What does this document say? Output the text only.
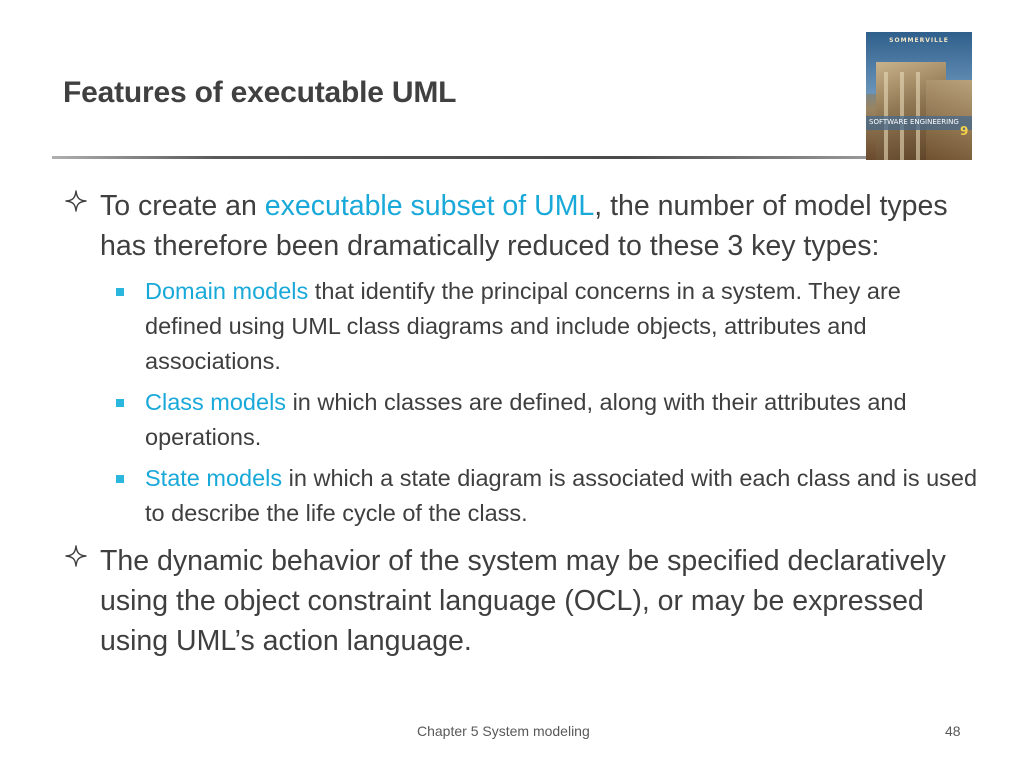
Features of executable UML
SOMMERVILLE
SOFTWARE ENGINEERING
9
To create an executable subset of UML, the number of model types has therefore been dramatically reduced to these 3 key types:
Domain models that identify the principal concerns in a system. They are defined using UML class diagrams and include objects, attributes and associations.
Class models in which classes are defined, along with their attributes and operations.
State models in which a state diagram is associated with each class and is used to describe the life cycle of the class.
The dynamic behavior of the system may be specified declaratively using the object constraint language (OCL), or may be expressed using UML’s action language.
Chapter 5 System modeling	48
